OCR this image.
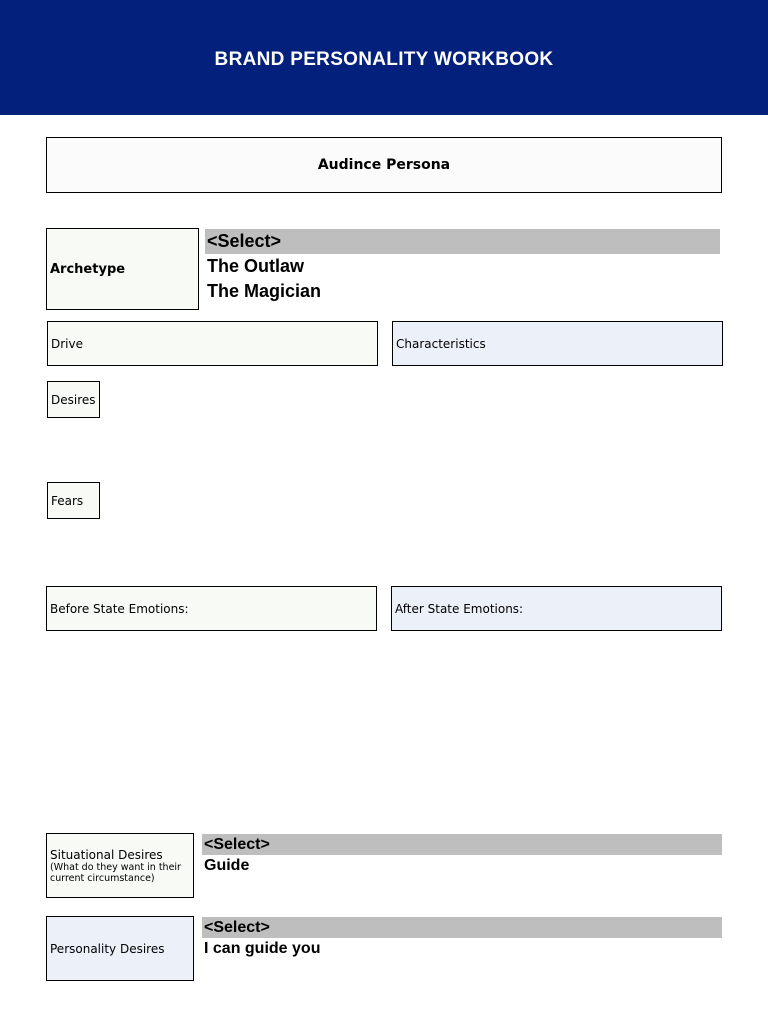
BRAND PERSONALITY WORKBOOK
Audince Persona
Archetype
<Select>
The Outlaw
The Magician
Drive	Characteristics
Desires
Fears
Before State Emotions:	After State Emotions:
Situational Desires
(What do they want in their current circumstance)
<Select>
Guide
Personality Desires
<Select>
I can guide you
